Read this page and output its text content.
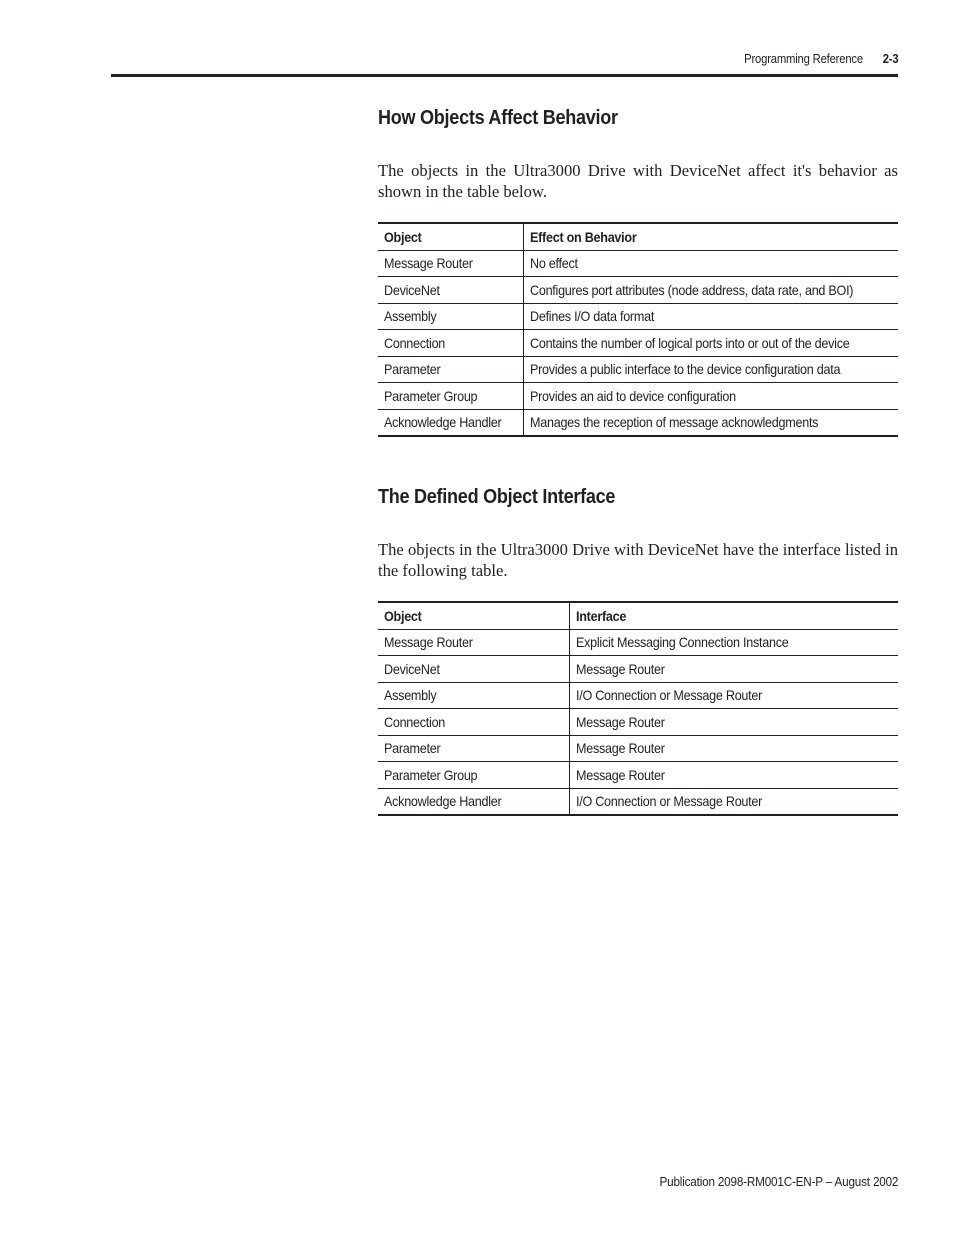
Programming Reference 2-3
How Objects Affect Behavior

The objects in the Ultra3000 Drive with DeviceNet affect it's behavior as shown in the table below.

Object	Effect on Behavior
Message Router	No effect
DeviceNet	Configures port attributes (node address, data rate, and BOI)
Assembly	Defines I/O data format
Connection	Contains the number of logical ports into or out of the device
Parameter	Provides a public interface to the device configuration data
Parameter Group	Provides an aid to device configuration
Acknowledge Handler	Manages the reception of message acknowledgments
The Defined Object Interface

The objects in the Ultra3000 Drive with DeviceNet have the interface listed in the following table.

Object	Interface
Message Router	Explicit Messaging Connection Instance
DeviceNet	Message Router
Assembly	I/O Connection or Message Router
Connection	Message Router
Parameter	Message Router
Parameter Group	Message Router
Acknowledge Handler	I/O Connection or Message Router
Publication 2098-RM001C-EN-P – August 2002
